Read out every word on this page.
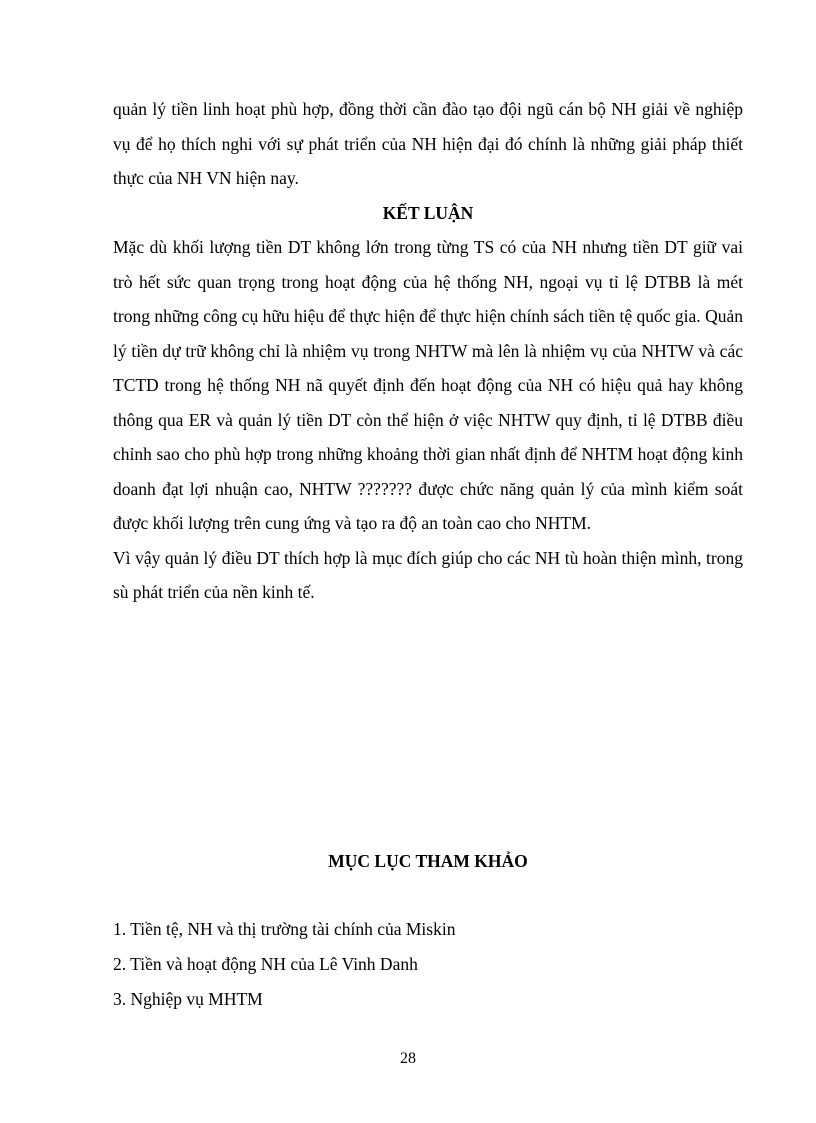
quản lý tiền linh hoạt phù hợp, đồng thời cần đào tạo đội ngũ cán bộ NH giải về nghiệp vụ để họ thích nghi với sự phát triển của NH hiện đại đó chính là những giải pháp thiết thực của NH VN hiện nay.

KẾT LUẬN

Mặc dù khối lượng tiền DT không lớn trong từng TS có của NH nhưng tiền DT giữ vai trò hết sức quan trọng trong hoạt động của hệ thống NH, ngoại vụ tỉ lệ DTBB là mét trong những công cụ hữu hiệu để thực hiện để thực hiện chính sách tiền tệ quốc gia. Quản lý tiền dự trữ không chỉ là nhiệm vụ trong NHTW mà lên là nhiệm vụ của NHTW và các TCTD trong hệ thống NH nã quyết định đến hoạt động của NH có hiệu quả hay không thông qua ER và quản lý tiền DT còn thể hiện ở việc NHTW quy định, tỉ lệ DTBB điều chỉnh sao cho phù hợp trong những khoảng thời gian nhất định để NHTM hoạt động kinh doanh đạt lợi nhuận cao, NHTW ??????? được chức năng quản lý của mình kiểm soát được khối lượng trên cung ứng và tạo ra độ an toàn cao cho NHTM.

Vì vậy quản lý điều DT thích hợp là mục đích giúp cho các NH tù hoàn thiện mình, trong sù phát triển của nền kinh tế.

MỤC LỤC THAM KHẢO
1. Tiền tệ, NH và thị trường tài chính của Miskin
2. Tiền và hoạt động NH của Lê Vinh Danh
3. Nghiệp vụ MHTM
28
